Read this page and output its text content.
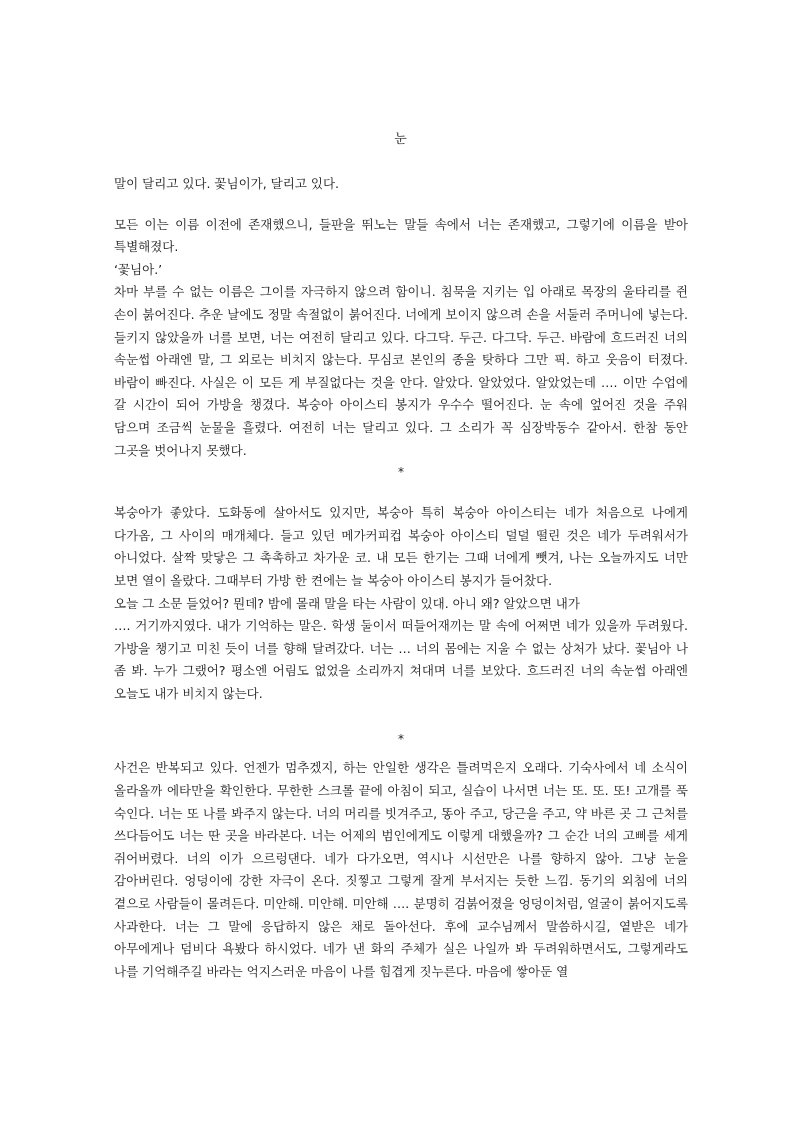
눈

말이 달리고 있다. 꽃님이가, 달리고 있다.

모든 이는 이름 이전에 존재했으니, 들판을 뛰노는 말들 속에서 너는 존재했고, 그렇기에 이름을 받아 특별해졌다.

‘꽃님아.’

차마 부를 수 없는 이름은 그이를 자극하지 않으려 함이니. 침묵을 지키는 입 아래로 목장의 울타리를 쥔 손이 붉어진다. 추운 날에도 정말 속절없이 붉어진다. 너에게 보이지 않으려 손을 서둘러 주머니에 넣는다. 들키지 않았을까 너를 보면, 너는 여전히 달리고 있다. 다그닥. 두근. 다그닥. 두근. 바람에 흐드러진 너의 속눈썹 아래엔 말, 그 외로는 비치지 않는다. 무심코 본인의 종을 탓하다 그만 픽. 하고 웃음이 터졌다. 바람이 빠진다. 사실은 이 모든 게 부질없다는 것을 안다. 알았다. 알았었다. 알았었는데 …. 이만 수업에 갈 시간이 되어 가방을 챙겼다. 복숭아 아이스티 봉지가 우수수 떨어진다. 눈 속에 엎어진 것을 주워 담으며 조금씩 눈물을 흘렸다. 여전히 너는 달리고 있다. 그 소리가 꼭 심장박동수 같아서. 한참 동안 그곳을 벗어나지 못했다.

*

복숭아가 좋았다. 도화동에 살아서도 있지만, 복숭아 특히 복숭아 아이스티는 네가 처음으로 나에게 다가옴, 그 사이의 매개체다. 들고 있던 메가커피컵 복숭아 아이스티 덜덜 떨린 것은 네가 두려워서가 아니었다. 살짝 맞닿은 그 촉촉하고 차가운 코. 내 모든 한기는 그때 너에게 뺏겨, 나는 오늘까지도 너만 보면 열이 올랐다. 그때부터 가방 한 켠에는 늘 복숭아 아이스티 봉지가 들어찼다.

오늘 그 소문 들었어? 뭔데? 밤에 몰래 말을 타는 사람이 있대. 아니 왜? 알았으면 내가

…. 거기까지였다. 내가 기억하는 말은. 학생 둘이서 떠들어재끼는 말 속에 어쩌면 네가 있을까 두려웠다. 가방을 챙기고 미친 듯이 너를 향해 달려갔다. 너는 … 너의 몸에는 지울 수 없는 상처가 났다. 꽃님아 나 좀 봐. 누가 그랬어? 평소엔 어림도 없었을 소리까지 쳐대며 너를 보았다. 흐드러진 너의 속눈썹 아래엔 오늘도 내가 비치지 않는다.

*

사건은 반복되고 있다. 언젠가 멈추겠지, 하는 안일한 생각은 틀려먹은지 오래다. 기숙사에서 네 소식이 올라올까 에타만을 확인한다. 무한한 스크롤 끝에 아침이 되고, 실습이 나서면 너는 또. 또. 또! 고개를 푹 숙인다. 너는 또 나를 봐주지 않는다. 너의 머리를 빗겨주고, 똥아 주고, 당근을 주고, 약 바른 곳 그 근처를 쓰다듬어도 너는 딴 곳을 바라본다. 너는 어제의 범인에게도 이렇게 대했을까? 그 순간 너의 고삐를 세게 쥐어버렸다. 너의 이가 으르렁댄다. 네가 다가오면, 역시나 시선만은 나를 향하지 않아. 그냥 눈을 감아버린다. 엉덩이에 강한 자극이 온다. 짓찧고 그렇게 잘게 부서지는 듯한 느낌. 동기의 외침에 너의 곁으로 사람들이 몰려든다. 미안해. 미안해. 미안해 …. 분명히 검붉어졌을 엉덩이처럼, 얼굴이 붉어지도록 사과한다. 너는 그 말에 응답하지 않은 채로 돌아선다. 후에 교수님께서 말씀하시길, 옅받은 네가 아무에게나 덤비다 욕봤다 하시었다. 네가 낸 화의 주체가 실은 나일까 봐 두려워하면서도, 그렇게라도 나를 기억해주길 바라는 억지스러운 마음이 나를 힘겹게 짓누른다. 마음에 쌓아둔 열
